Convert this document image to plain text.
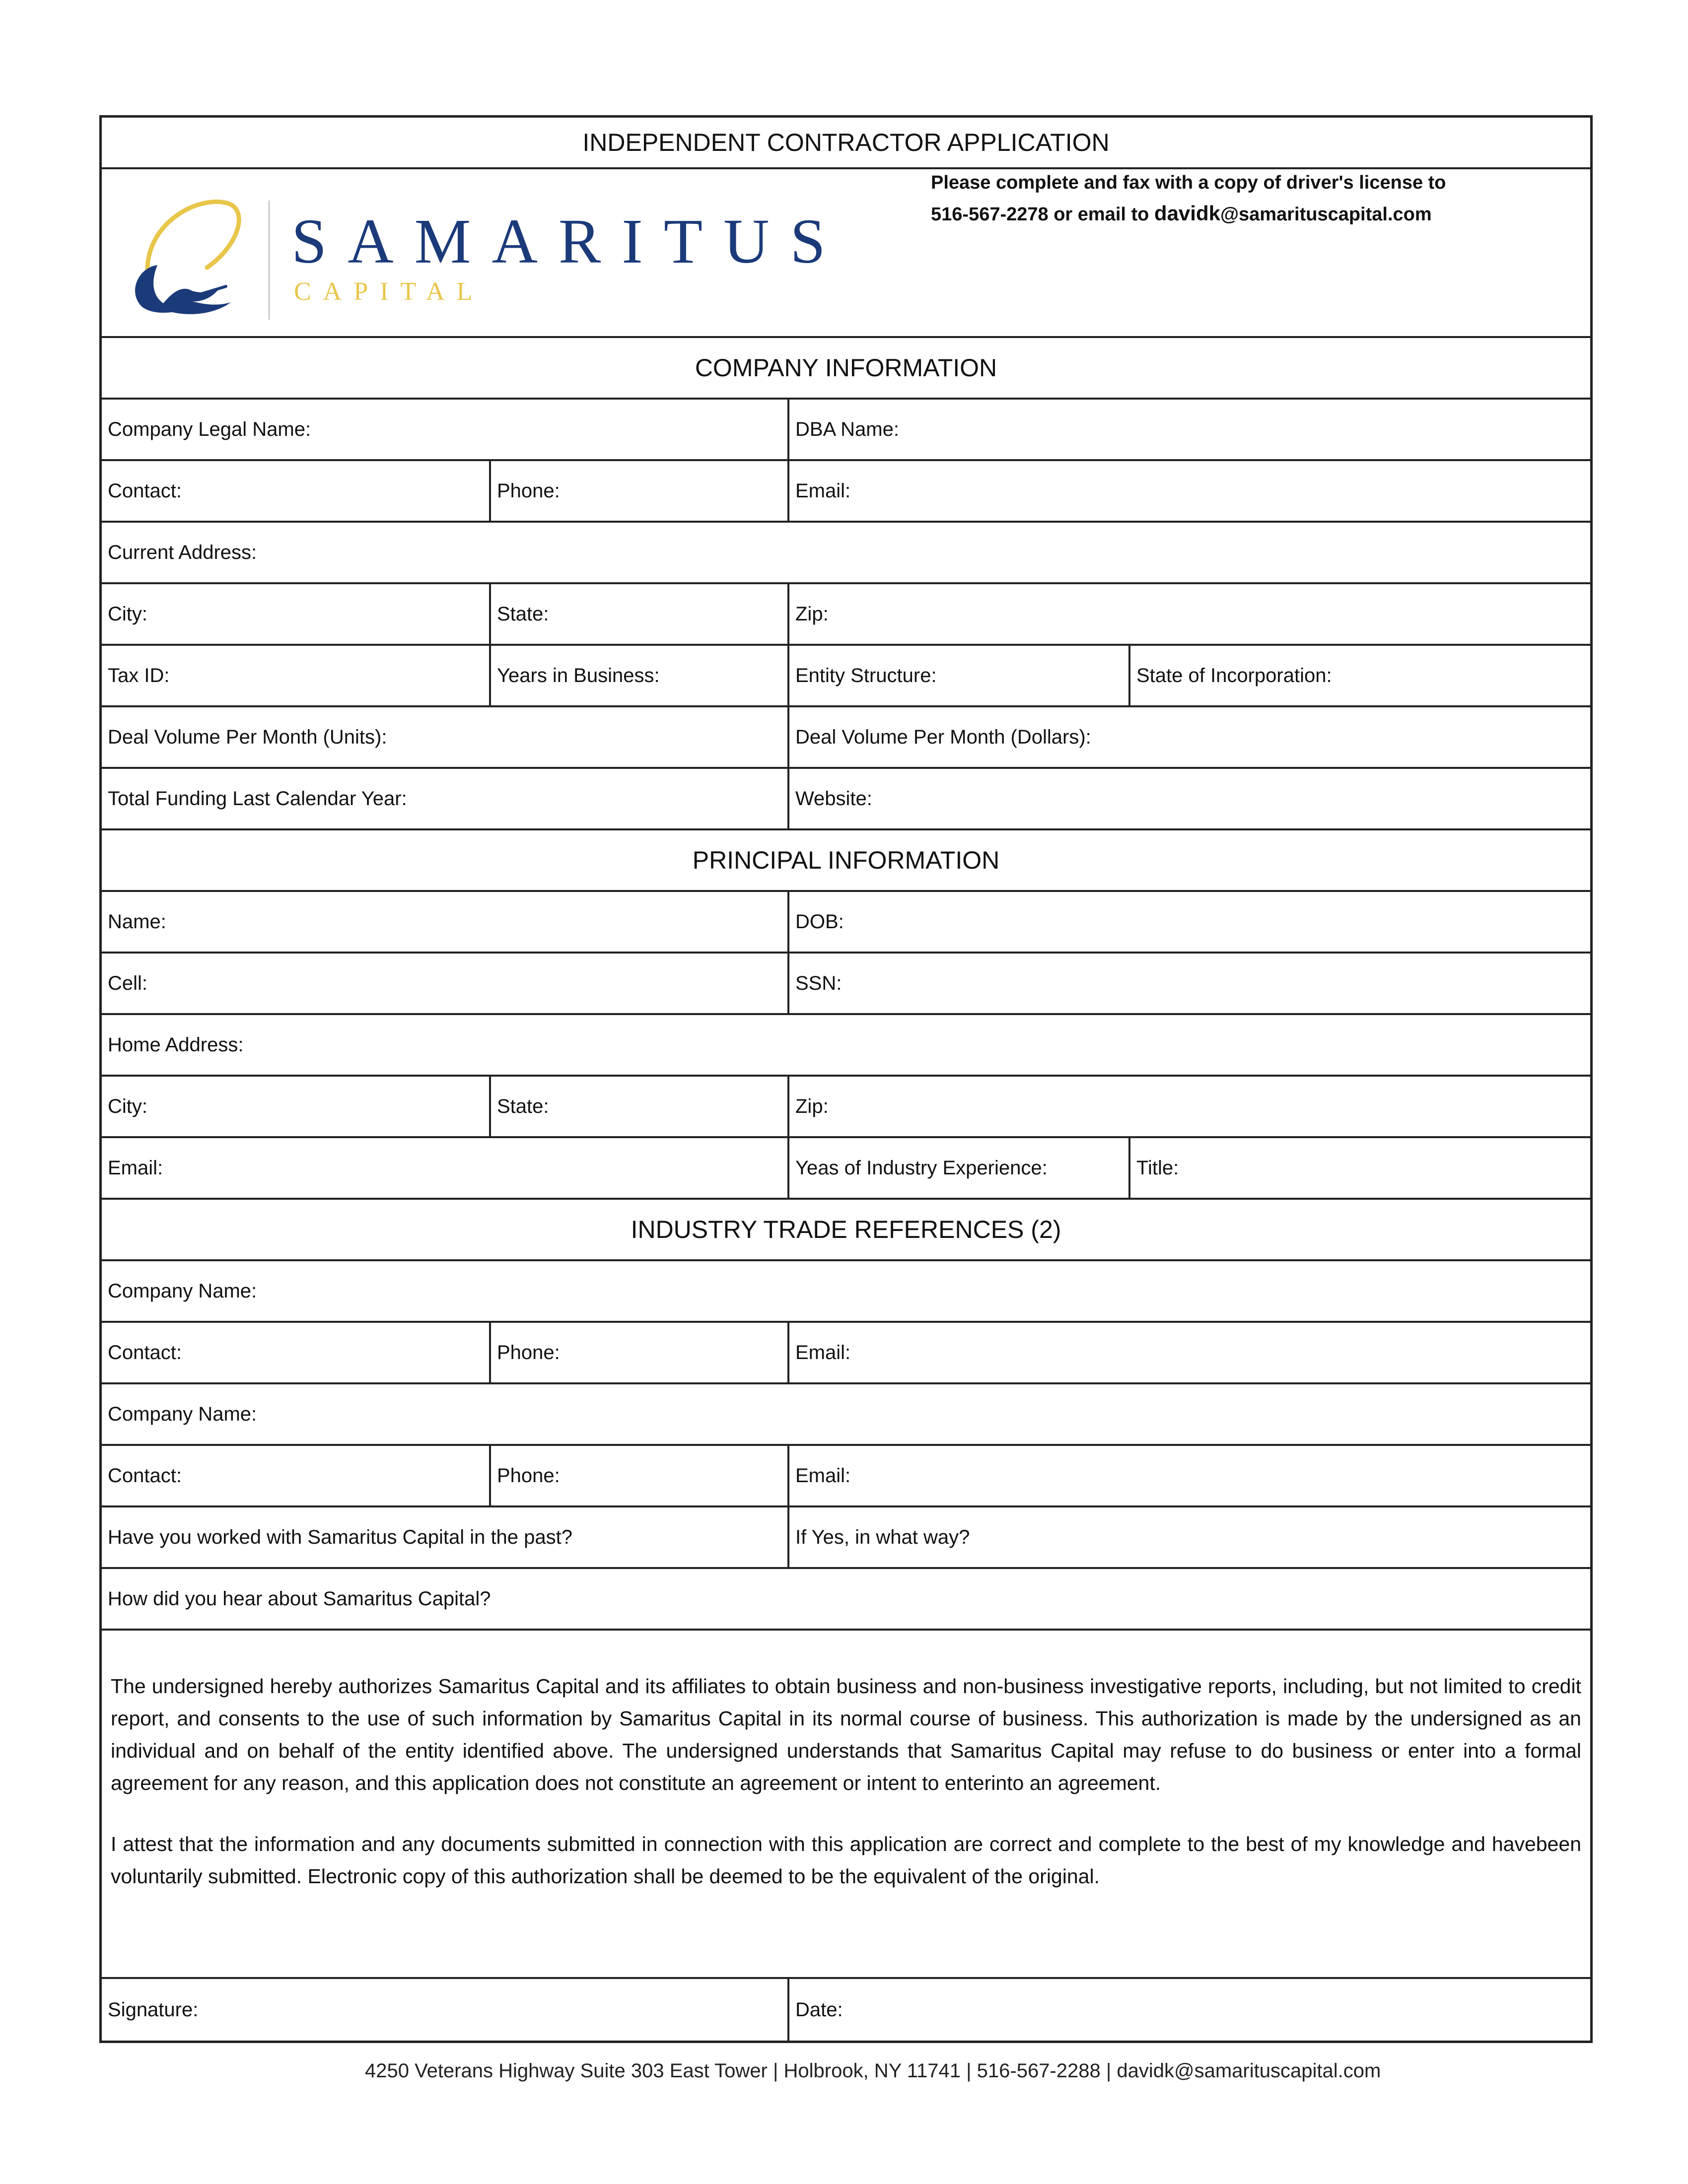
INDEPENDENT CONTRACTOR APPLICATION
SAMARITUS
CAPITAL
Please complete and fax with a copy of driver's license to
516-567-2278 or email to davidk@samarituscapital.com
COMPANY INFORMATION
Company Legal Name:	DBA Name:
Contact:	Phone:	Email:
Current Address:
City:	State:	Zip:
Tax ID:	Years in Business:	Entity Structure:	State of Incorporation:
Deal Volume Per Month (Units):	Deal Volume Per Month (Dollars):
Total Funding Last Calendar Year:	Website:
PRINCIPAL INFORMATION
Name:	DOB:
Cell:	SSN:
Home Address:
City:	State:	Zip:
Email:	Yeas of Industry Experience:	Title:
INDUSTRY TRADE REFERENCES (2)
Company Name:
Contact:	Phone:	Email:
Company Name:
Contact:	Phone:	Email:
Have you worked with Samaritus Capital in the past?	If Yes, in what way?
How did you hear about Samaritus Capital?

The undersigned hereby authorizes Samaritus Capital and its affiliates to obtain business and non-business investigative reports, including, but not limited to credit report, and consents to the use of such information by Samaritus Capital in its normal course of business. This authorization is made by the undersigned as an individual and on behalf of the entity identified above. The undersigned understands that Samaritus Capital may refuse to do business or enter into a formal agreement for any reason, and this application does not constitute an agreement or intent to enterinto an agreement.

I attest that the information and any documents submitted in connection with this application are correct and complete to the best of my knowledge and havebeen voluntarily submitted. Electronic copy of this authorization shall be deemed to be the equivalent of the original.

Signature:	Date:
4250 Veterans Highway Suite 303 East Tower | Holbrook, NY 11741 | 516-567-2288 | davidk@samarituscapital.com
